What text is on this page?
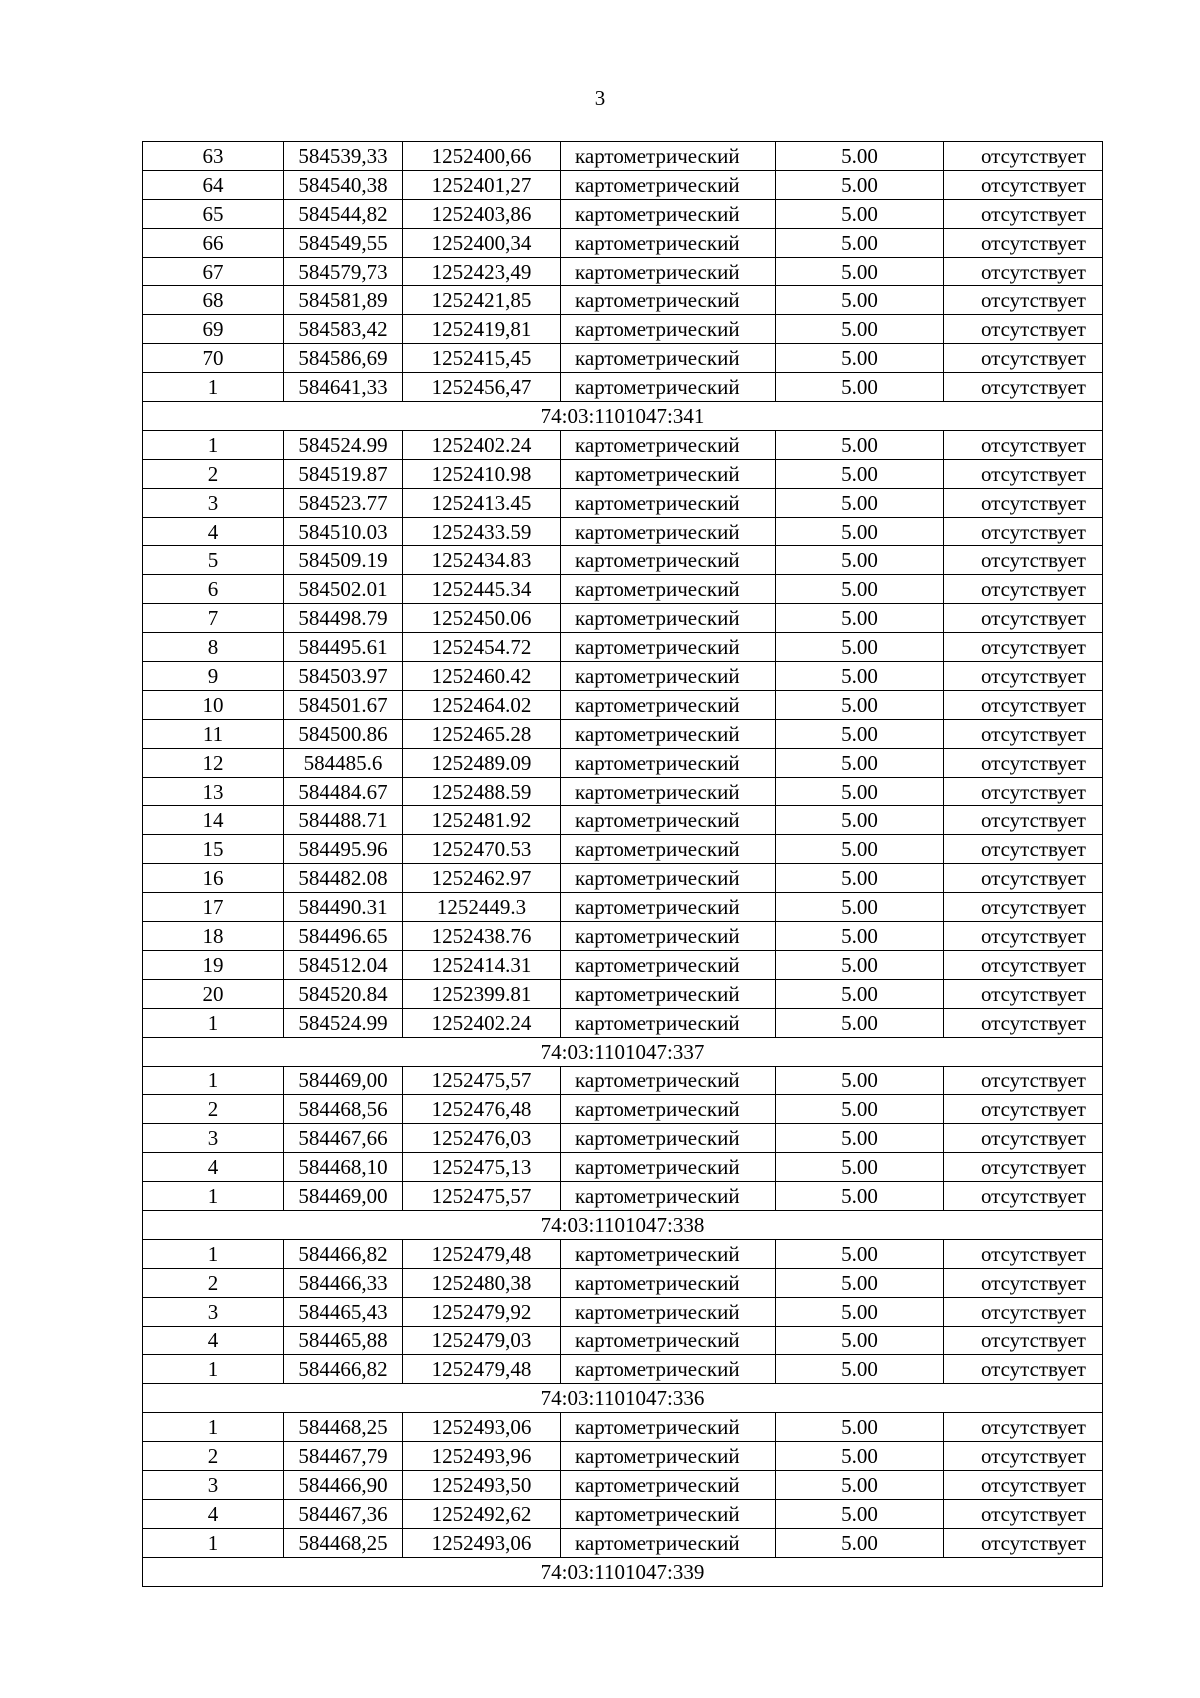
3
63	584539,33	1252400,66	картометрический	5.00	отсутствует
64	584540,38	1252401,27	картометрический	5.00	отсутствует
65	584544,82	1252403,86	картометрический	5.00	отсутствует
66	584549,55	1252400,34	картометрический	5.00	отсутствует
67	584579,73	1252423,49	картометрический	5.00	отсутствует
68	584581,89	1252421,85	картометрический	5.00	отсутствует
69	584583,42	1252419,81	картометрический	5.00	отсутствует
70	584586,69	1252415,45	картометрический	5.00	отсутствует
1	584641,33	1252456,47	картометрический	5.00	отсутствует
74:03:1101047:341					
1	584524.99	1252402.24	картометрический	5.00	отсутствует
2	584519.87	1252410.98	картометрический	5.00	отсутствует
3	584523.77	1252413.45	картометрический	5.00	отсутствует
4	584510.03	1252433.59	картометрический	5.00	отсутствует
5	584509.19	1252434.83	картометрический	5.00	отсутствует
6	584502.01	1252445.34	картометрический	5.00	отсутствует
7	584498.79	1252450.06	картометрический	5.00	отсутствует
8	584495.61	1252454.72	картометрический	5.00	отсутствует
9	584503.97	1252460.42	картометрический	5.00	отсутствует
10	584501.67	1252464.02	картометрический	5.00	отсутствует
11	584500.86	1252465.28	картометрический	5.00	отсутствует
12	584485.6	1252489.09	картометрический	5.00	отсутствует
13	584484.67	1252488.59	картометрический	5.00	отсутствует
14	584488.71	1252481.92	картометрический	5.00	отсутствует
15	584495.96	1252470.53	картометрический	5.00	отсутствует
16	584482.08	1252462.97	картометрический	5.00	отсутствует
17	584490.31	1252449.3	картометрический	5.00	отсутствует
18	584496.65	1252438.76	картометрический	5.00	отсутствует
19	584512.04	1252414.31	картометрический	5.00	отсутствует
20	584520.84	1252399.81	картометрический	5.00	отсутствует
1	584524.99	1252402.24	картометрический	5.00	отсутствует
74:03:1101047:337					
1	584469,00	1252475,57	картометрический	5.00	отсутствует
2	584468,56	1252476,48	картометрический	5.00	отсутствует
3	584467,66	1252476,03	картометрический	5.00	отсутствует
4	584468,10	1252475,13	картометрический	5.00	отсутствует
1	584469,00	1252475,57	картометрический	5.00	отсутствует
74:03:1101047:338					
1	584466,82	1252479,48	картометрический	5.00	отсутствует
2	584466,33	1252480,38	картометрический	5.00	отсутствует
3	584465,43	1252479,92	картометрический	5.00	отсутствует
4	584465,88	1252479,03	картометрический	5.00	отсутствует
1	584466,82	1252479,48	картометрический	5.00	отсутствует
74:03:1101047:336					
1	584468,25	1252493,06	картометрический	5.00	отсутствует
2	584467,79	1252493,96	картометрический	5.00	отсутствует
3	584466,90	1252493,50	картометрический	5.00	отсутствует
4	584467,36	1252492,62	картометрический	5.00	отсутствует
1	584468,25	1252493,06	картометрический	5.00	отсутствует
74:03:1101047:339					
